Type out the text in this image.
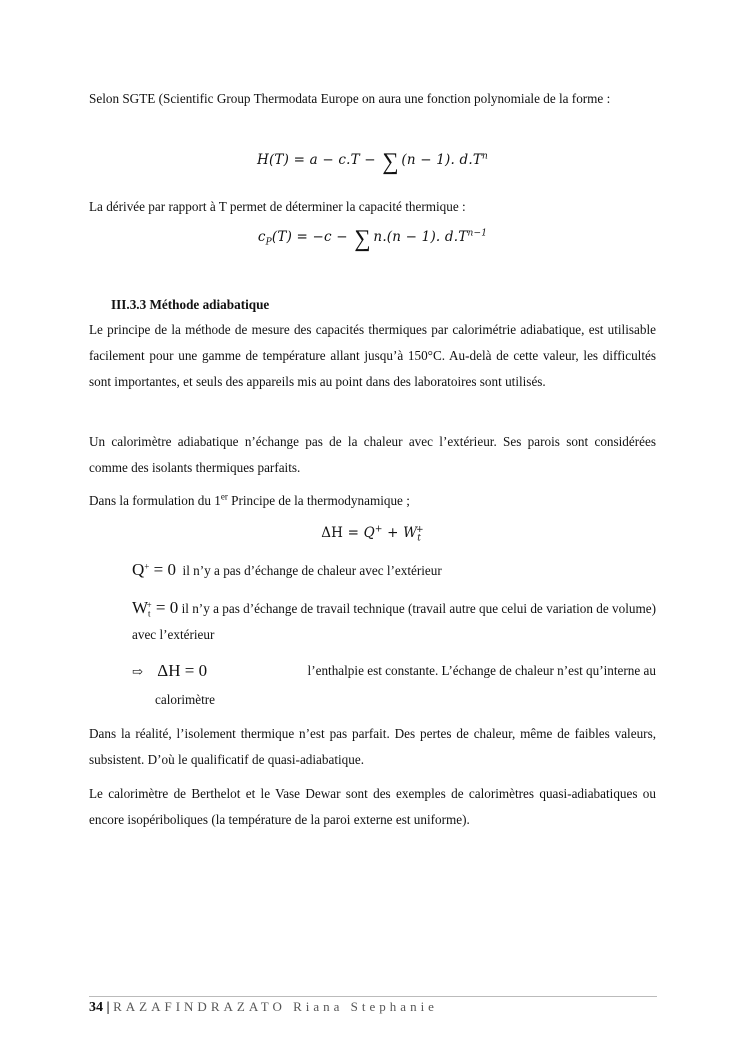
Selon SGTE (Scientific Group Thermodata Europe on aura une fonction polynomiale de la forme :

H(T) = a − c.T − ∑ (n − 1). $d.T^n$

La dérivée par rapport à T permet de déterminer la capacité thermique :

$c_P(T) = -c$ − ∑ n.(n − 1). $d.T^{n-1}$

III.3.3 Méthode adiabatique

Le principe de la méthode de mesure des capacités thermiques par calorimétrie adiabatique, est utilisable facilement pour une gamme de température allant jusqu’à 150°C. Au-delà de cette valeur, les difficultés sont importantes, et seuls des appareils mis au point dans des laboratoires sont utilisés.

Un calorimètre adiabatique n’échange pas de la chaleur avec l’extérieur. Ses parois sont considérées comme des isolants thermiques parfaits.

Dans la formulation du 1er Principe de la thermodynamique ;

$\Delta H = Q^+ + W_t^+$

Q+ = 0 il n’y a pas d’échange de chaleur avec l’extérieur

$W_t^+ = 0$ il n’y a pas d’échange de travail technique (travail autre que celui de variation de volume) avec l’extérieur

⇨ ΔH = 0	l’enthalpie est constante. L’échange de chaleur n’est qu’interne au
calorimètre

Dans la réalité, l’isolement thermique n’est pas parfait. Des pertes de chaleur, même de faibles valeurs, subsistent. D’où le qualificatif de quasi-adiabatique.

Le calorimètre de Berthelot et le Vase Dewar sont des exemples de calorimètres quasi-adiabatiques ou encore isopériboliques (la température de la paroi externe est uniforme).

34 | RAZAFINDRAZATO Riana Stephanie
